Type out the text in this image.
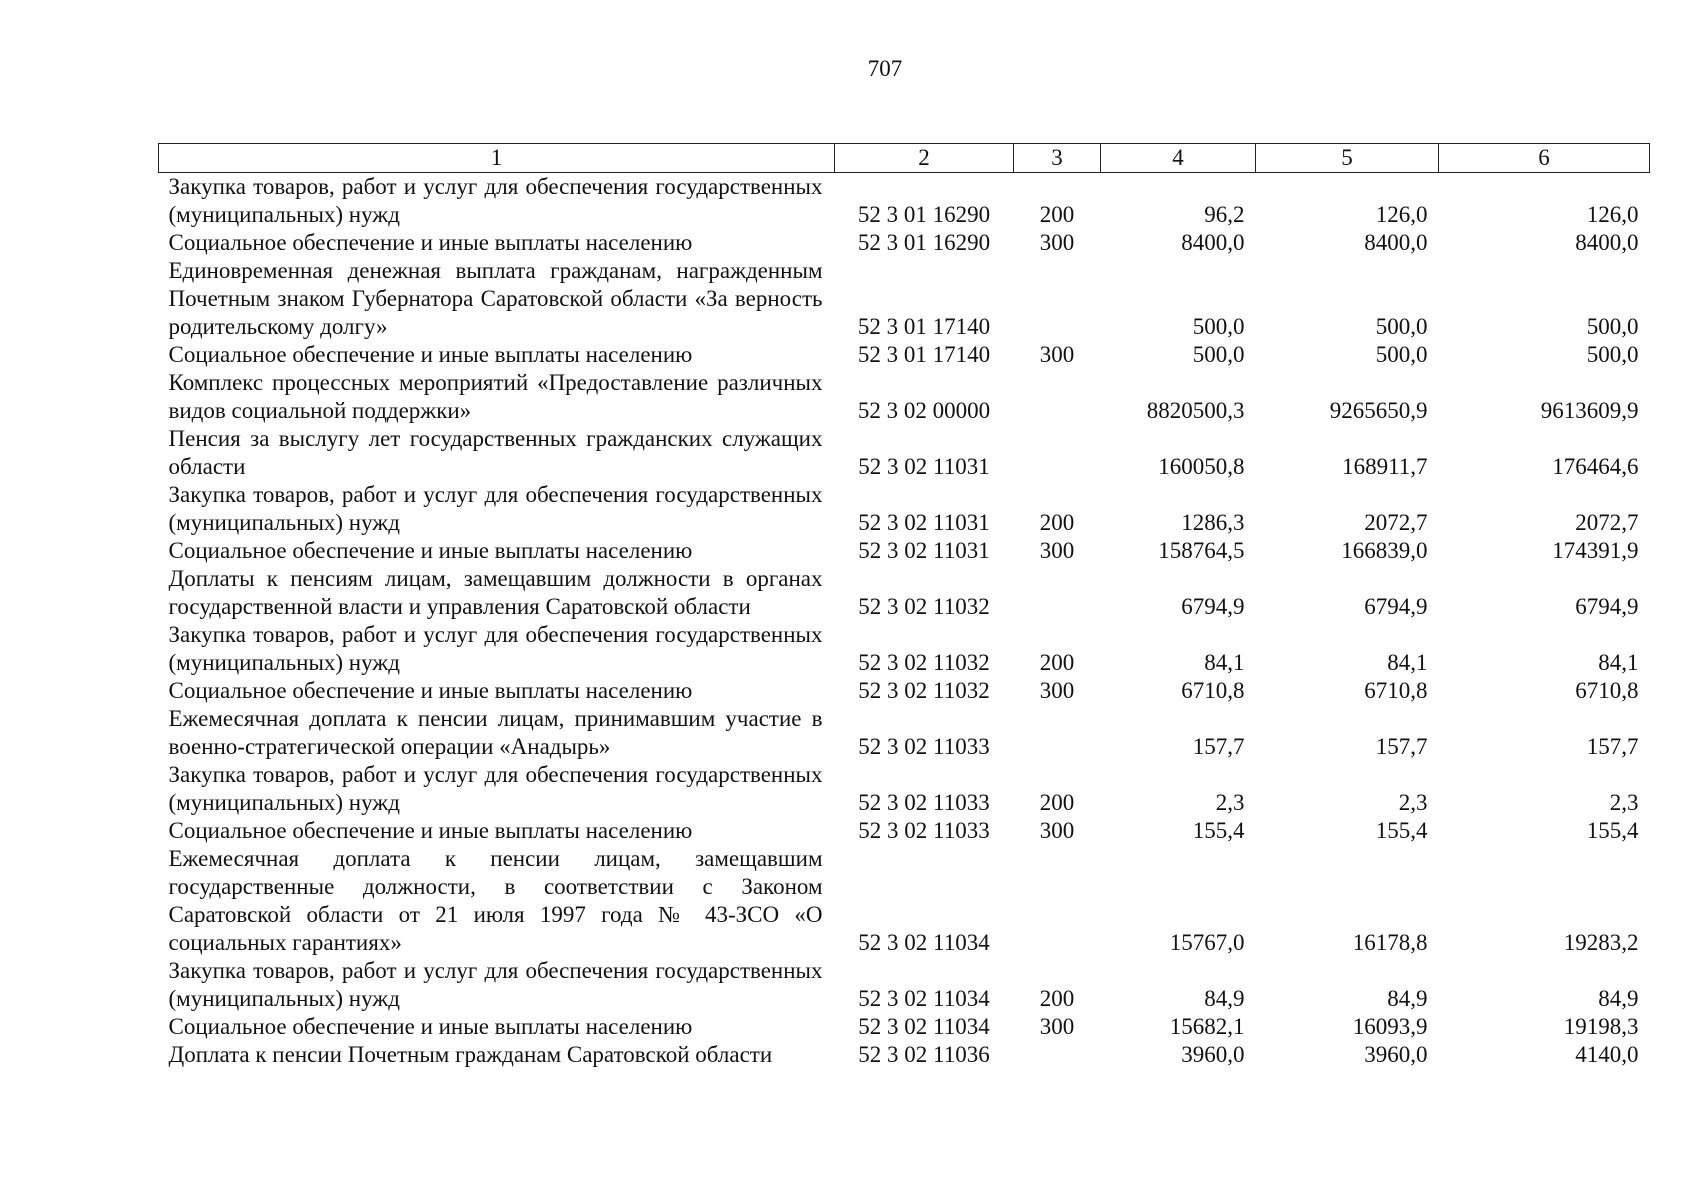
707
1	2	3	4	5	6
Закупка товаров, работ и услуг для обеспечения государственных (муниципальных) нужд	52 3 01 16290	200	96,2	126,0	126,0
Социальное обеспечение и иные выплаты населению	52 3 01 16290	300	8400,0	8400,0	8400,0
Единовременная денежная выплата гражданам, награжденным Почетным знаком Губернатора Саратовской области «За верность родительскому долгу»	52 3 01 17140		500,0	500,0	500,0
Социальное обеспечение и иные выплаты населению	52 3 01 17140	300	500,0	500,0	500,0
Комплекс процессных мероприятий «Предоставление различных видов социальной поддержки»	52 3 02 00000		8820500,3	9265650,9	9613609,9
Пенсия за выслугу лет государственных гражданских служащих области	52 3 02 11031		160050,8	168911,7	176464,6
Закупка товаров, работ и услуг для обеспечения государственных (муниципальных) нужд	52 3 02 11031	200	1286,3	2072,7	2072,7
Социальное обеспечение и иные выплаты населению	52 3 02 11031	300	158764,5	166839,0	174391,9
Доплаты к пенсиям лицам, замещавшим должности в органах государственной власти и управления Саратовской области	52 3 02 11032		6794,9	6794,9	6794,9
Закупка товаров, работ и услуг для обеспечения государственных (муниципальных) нужд	52 3 02 11032	200	84,1	84,1	84,1
Социальное обеспечение и иные выплаты населению	52 3 02 11032	300	6710,8	6710,8	6710,8
Ежемесячная доплата к пенсии лицам, принимавшим участие в военно-стратегической операции «Анадырь»	52 3 02 11033		157,7	157,7	157,7
Закупка товаров, работ и услуг для обеспечения государственных (муниципальных) нужд	52 3 02 11033	200	2,3	2,3	2,3
Социальное обеспечение и иные выплаты населению	52 3 02 11033	300	155,4	155,4	155,4
Ежемесячная доплата к пенсии лицам, замещавшим государственные должности, в соответствии с Законом Саратовской области от 21 июля 1997 года № 43-ЗСО «О социальных гарантиях»	52 3 02 11034		15767,0	16178,8	19283,2
Закупка товаров, работ и услуг для обеспечения государственных (муниципальных) нужд	52 3 02 11034	200	84,9	84,9	84,9
Социальное обеспечение и иные выплаты населению	52 3 02 11034	300	15682,1	16093,9	19198,3
Доплата к пенсии Почетным гражданам Саратовской области	52 3 02 11036		3960,0	3960,0	4140,0
